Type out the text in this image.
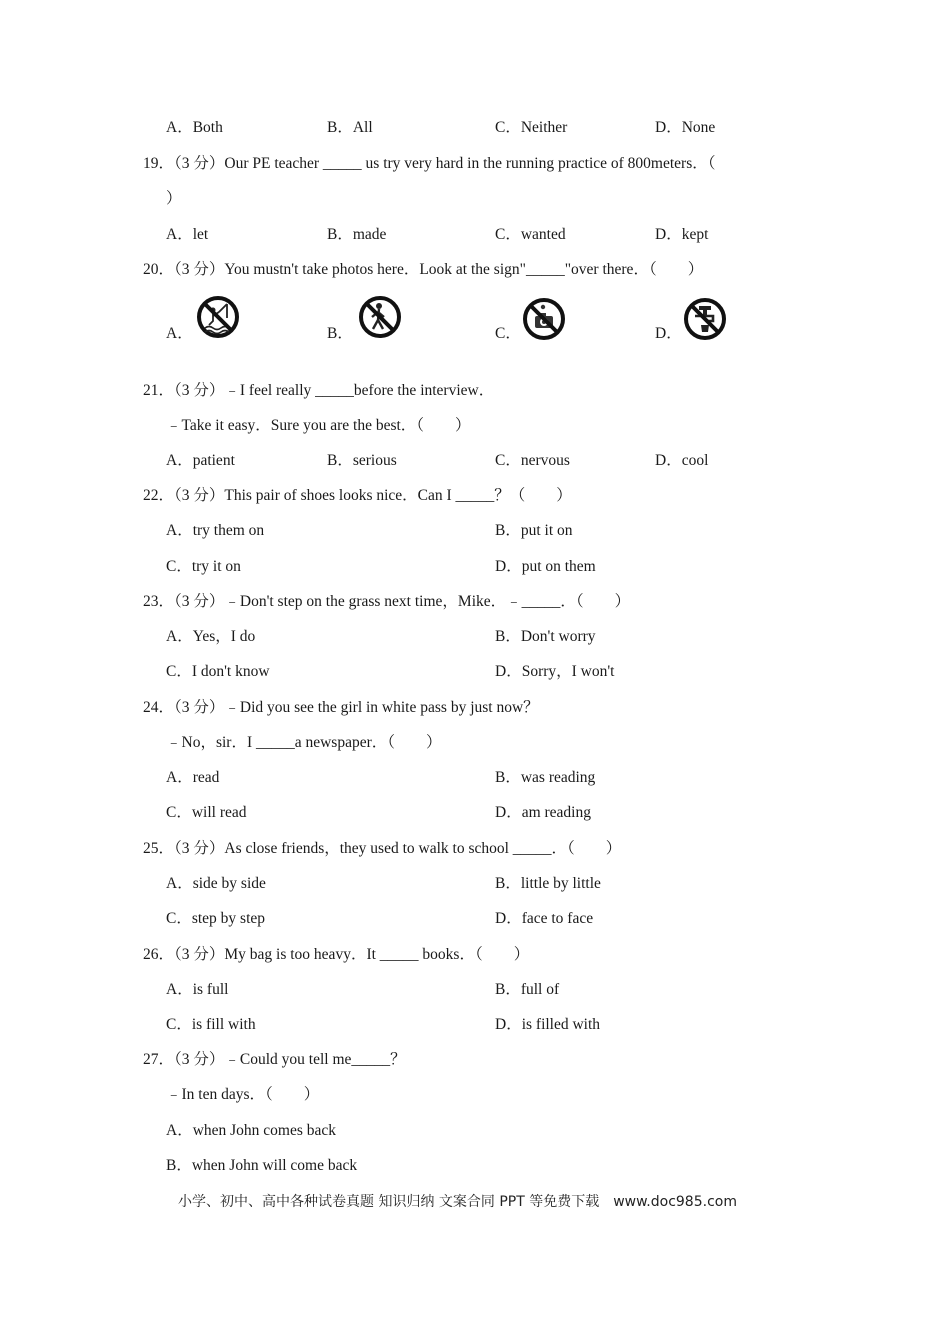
A．Both	B．All	C．Neither	D．None
19．（3 分）Our PE teacher _____ us try very hard in the running practice of 800meters．（
）
A．let	B．made	C．wanted	D．kept
20．（3 分）You mustn't take photos here．Look at the sign"_____"over there．（　　）
A．	B．	C．	D．
21．（3 分）﹣I feel really _____before the interview．
﹣Take it easy．Sure you are the best．（　　）
A．patient	B．serious	C．nervous	D．cool
22．（3 分）This pair of shoes looks nice．Can I _____？（　　）
A．try them on	B．put it on
C．try it on	D．put on them
23．（3 分）﹣Don't step on the grass next time，Mike．﹣_____．（　　）
A．Yes，I do	B．Don't worry
C．I don't know	D．Sorry，I won't
24．（3 分）﹣Did you see the girl in white pass by just now？
﹣No，sir．I _____a newspaper．（　　）
A．read	B．was reading
C．will read	D．am reading
25．（3 分）As close friends，they used to walk to school _____．（　　）
A．side by side	B．little by little
C．step by step	D．face to face
26．（3 分）My bag is too heavy．It _____ books．（　　）
A．is full	B．full of
C．is fill with	D．is filled with
27．（3 分）﹣Could you tell me_____？
﹣In ten days．（　　）
A．when John comes back
B．when John will come back
小学、初中、高中各种试卷真题 知识归纳 文案合同 PPT 等免费下载　www.doc985.com
